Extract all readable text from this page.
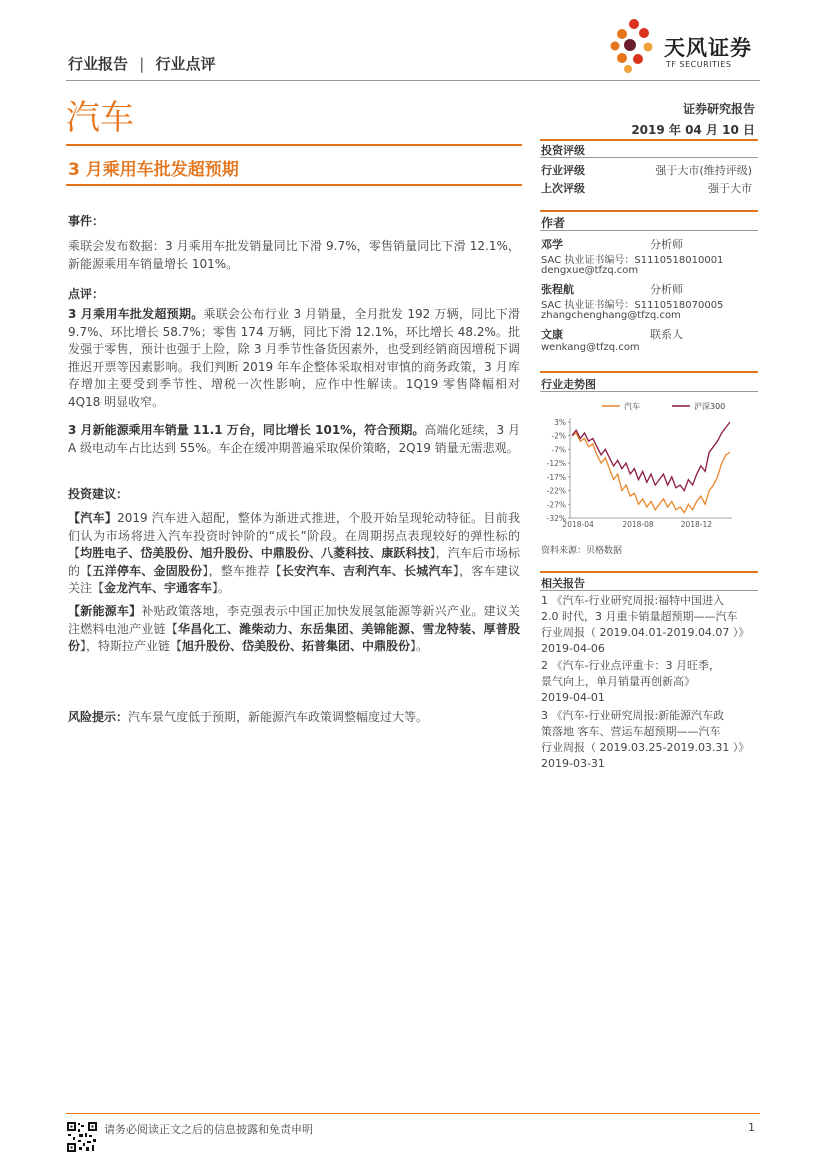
行业报告 | 行业点评
天风证券
TF SECURITIES
汽车	证券研究报告
2019 年 04 月 10 日
3 月乘用车批发超预期
投资评级
行业评级	强于大市(维持评级)
上次评级	强于大市
作者
邓学	分析师
SAC 执业证书编号：S1110518010001
dengxue@tfzq.com
张程航	分析师
SAC 执业证书编号：S1110518070005
zhangchenghang@tfzq.com
文康	联系人
wenkang@tfzq.com
行业走势图
3%
-2%
-7%
-12%
-17%
-22%
-27%
-32%
2018-04	2018-08	2018-12
汽车	沪深300
资料来源：贝格数据
相关报告
1 《汽车-行业研究周报:福特中国进入
2.0 时代，3 月重卡销量超预期——汽车
行业周报（ 2019.04.01-2019.04.07 ）》
2019-04-06
2 《汽车-行业点评重卡：3 月旺季，
景气向上，单月销量再创新高》
2019-04-01
3 《汽车-行业研究周报:新能源汽车政
策落地 客车、营运车超预期——汽车
行业周报（ 2019.03.25-2019.03.31 ）》
2019-03-31
事件：
乘联会发布数据：3 月乘用车批发销量同比下滑 9.7%，零售销量同比下滑 12.1%，新能源乘用车销量增长 101%。
点评：
3 月乘用车批发超预期。乘联会公布行业 3 月销量，全月批发 192 万辆，同比下滑 9.7%、环比增长 58.7%；零售 174 万辆，同比下滑 12.1%，环比增长 48.2%。批发强于零售，预计也强于上险，除 3 月季节性备货因素外，也受到经销商因增税下调推迟开票等因素影响。我们判断 2019 年车企整体采取相对审慎的商务政策，3 月库存增加主要受到季节性、增税一次性影响，应作中性解读。1Q19 零售降幅相对 4Q18 明显收窄。
3 月新能源乘用车销量 11.1 万台，同比增长 101%，符合预期。高端化延续，3 月 A 级电动车占比达到 55%。车企在缓冲期普遍采取保价策略，2Q19 销量无需悲观。
投资建议：
【汽车】2019 汽车进入超配，整体为渐进式推进，个股开始呈现轮动特征。目前我们认为市场将进入汽车投资时钟阶的“成长”阶段。在周期拐点表现较好的弹性标的【均胜电子、岱美股份、旭升股份、中鼎股份、八菱科技、康跃科技】，汽车后市场标的【五洋停车、金固股份】，整车推荐【长安汽车、吉利汽车、长城汽车】，客车建议关注【金龙汽车、宇通客车】。
【新能源车】补贴政策落地，李克强表示中国正加快发展氢能源等新兴产业。建议关注燃料电池产业链【华昌化工、潍柴动力、东岳集团、美锦能源、雪龙特装、厚普股份】，特斯拉产业链【旭升股份、岱美股份、拓普集团、中鼎股份】。
风险提示：汽车景气度低于预期，新能源汽车政策调整幅度过大等。
请务必阅读正文之后的信息披露和免责申明	1
